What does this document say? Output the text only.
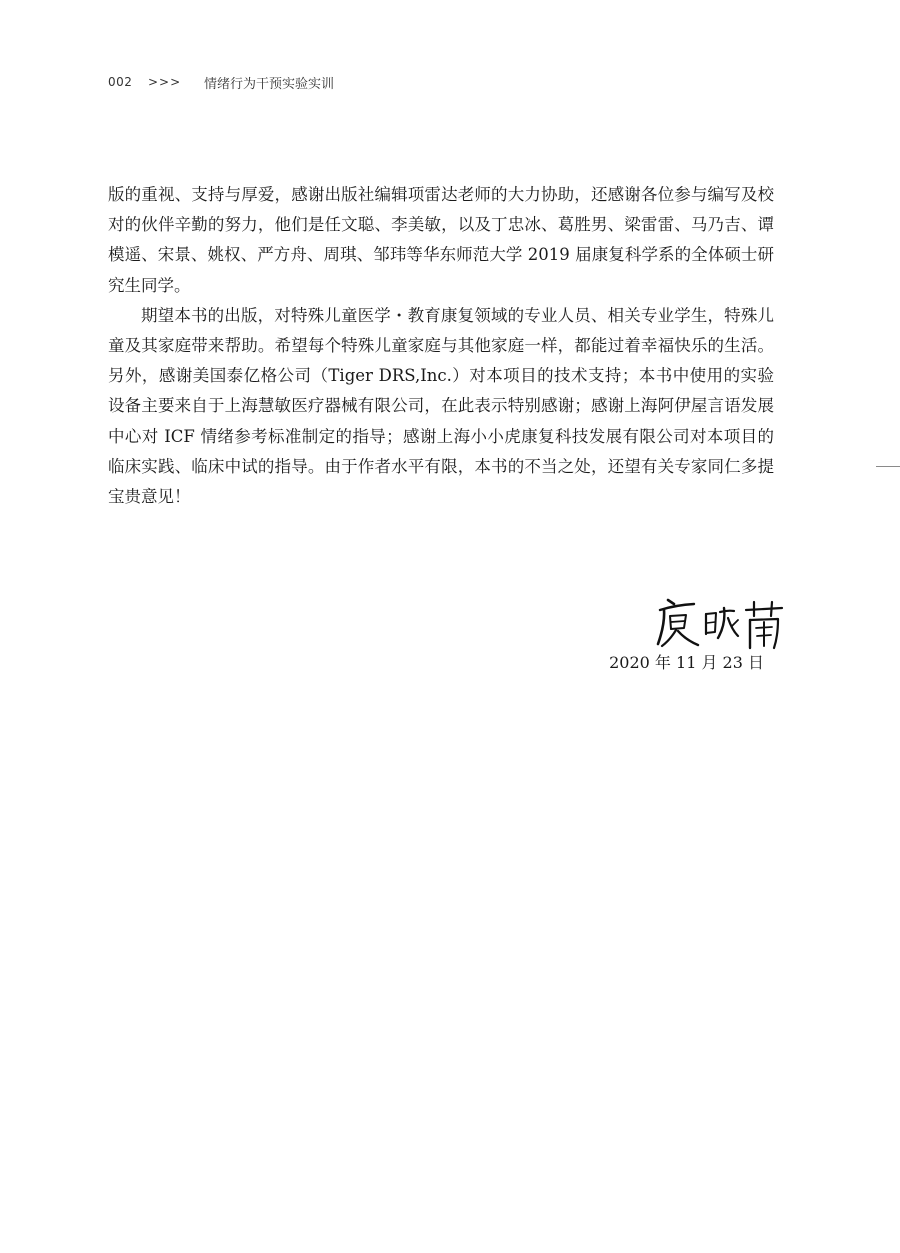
002	>>>	情绪行为干预实验实训

版的重视、支持与厚爱，感谢出版社编辑项雷达老师的大力协助，还感谢各位参与编写及校对的伙伴辛勤的努力，他们是任文聪、李美敏，以及丁忠冰、葛胜男、梁雷雷、马乃吉、谭模遥、宋景、姚权、严方舟、周琪、邹玮等华东师范大学 2019 届康复科学系的全体硕士研究生同学。

期望本书的出版，对特殊儿童医学・教育康复领域的专业人员、相关专业学生，特殊儿童及其家庭带来帮助。希望每个特殊儿童家庭与其他家庭一样，都能过着幸福快乐的生活。另外，感谢美国泰亿格公司（Tiger DRS,Inc.）对本项目的技术支持；本书中使用的实验设备主要来自于上海慧敏医疗器械有限公司，在此表示特别感谢；感谢上海阿伊屋言语发展中心对 ICF 情绪参考标准制定的指导；感谢上海小小虎康复科技发展有限公司对本项目的临床实践、临床中试的指导。由于作者水平有限，本书的不当之处，还望有关专家同仁多提宝贵意见！

2020 年 11 月 23 日
